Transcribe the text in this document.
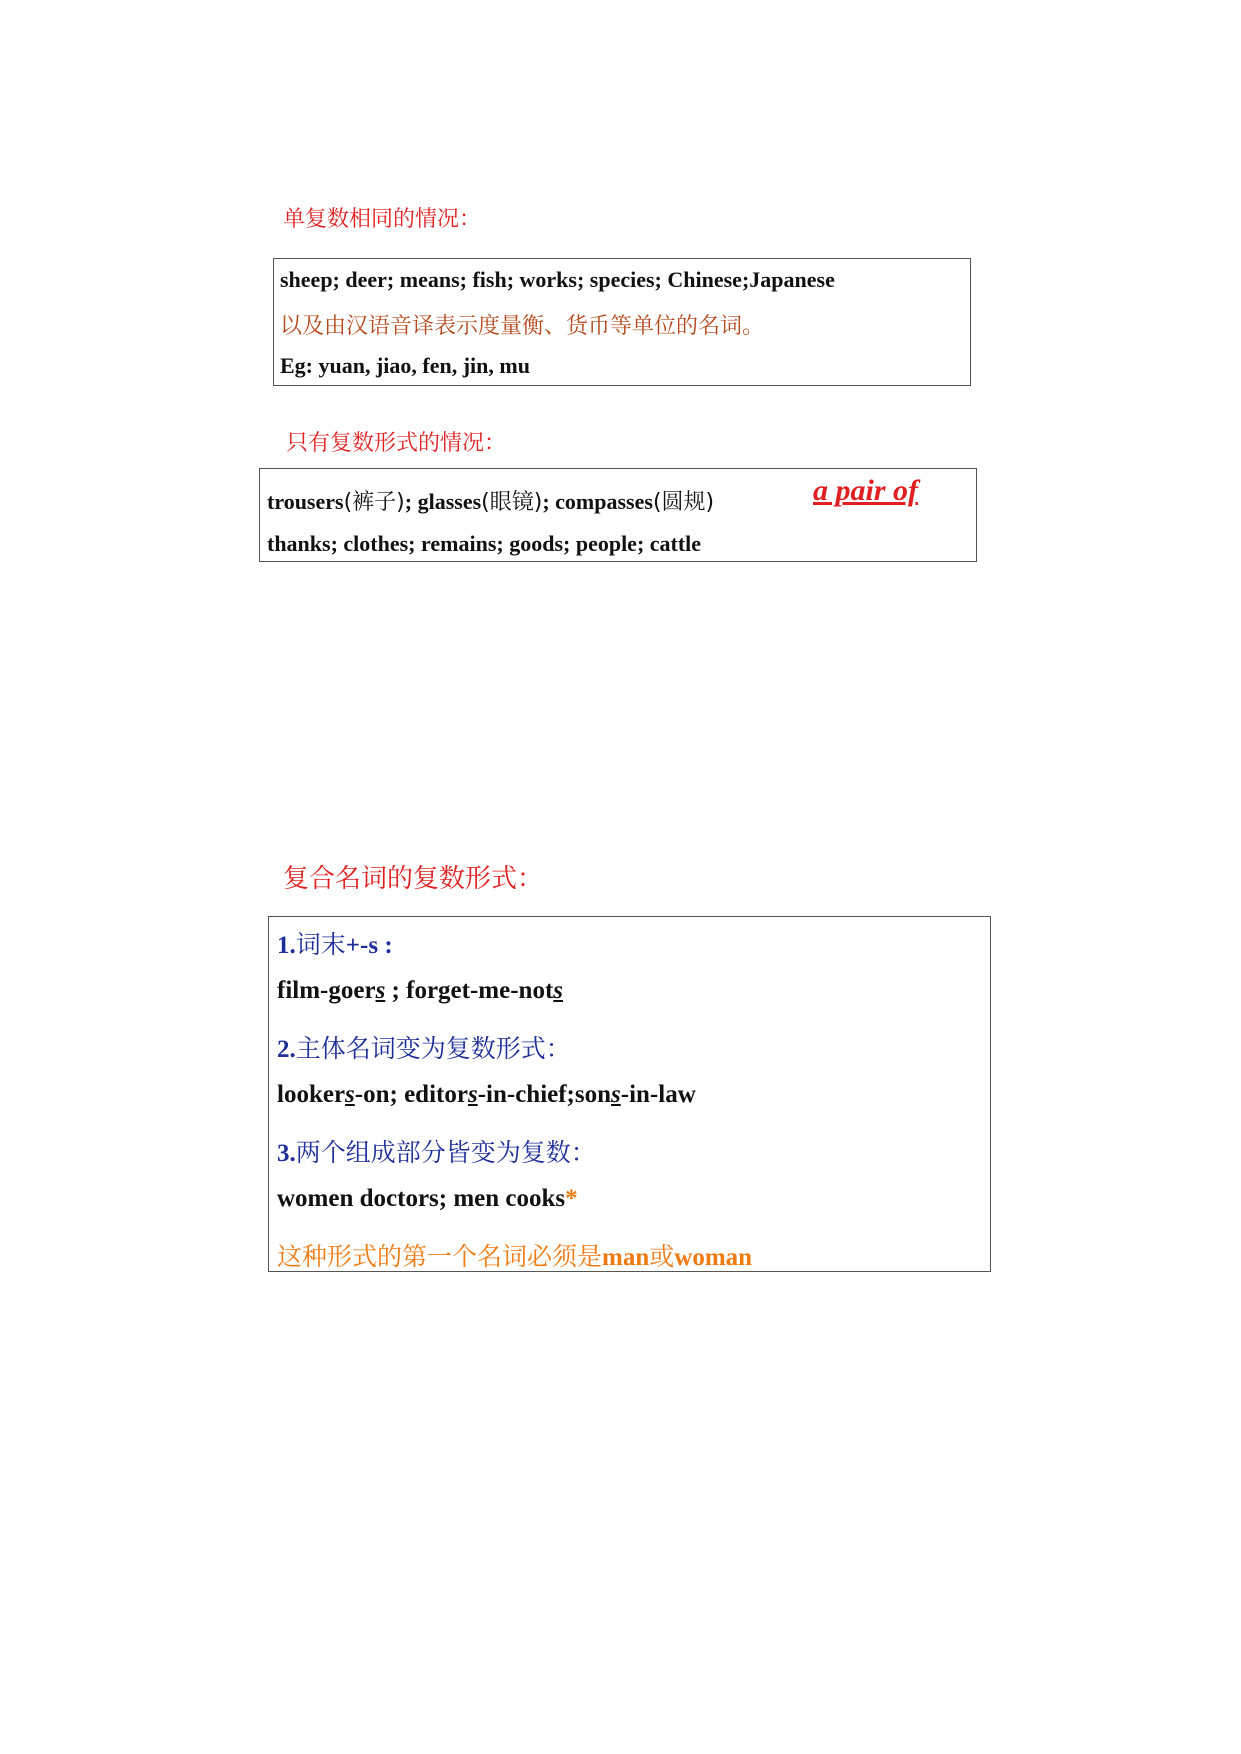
单复数相同的情况：
sheep; deer; means; fish; works; species; Chinese;Japanese
以及由汉语音译表示度量衡、货币等单位的名词。
Eg: yuan, jiao, fen, jin, mu
只有复数形式的情况：
trousers(裤子); glasses(眼镜); compasses(圆规)
thanks; clothes; remains; goods; people; cattle
a pair of
复合名词的复数形式：
1.词末+-s :
film-goers ; forget-me-nots
2.主体名词变为复数形式：
lookers-on; editors-in-chief;sons-in-law
3.两个组成部分皆变为复数：
women doctors; men cooks*
这种形式的第一个名词必须是man或woman
